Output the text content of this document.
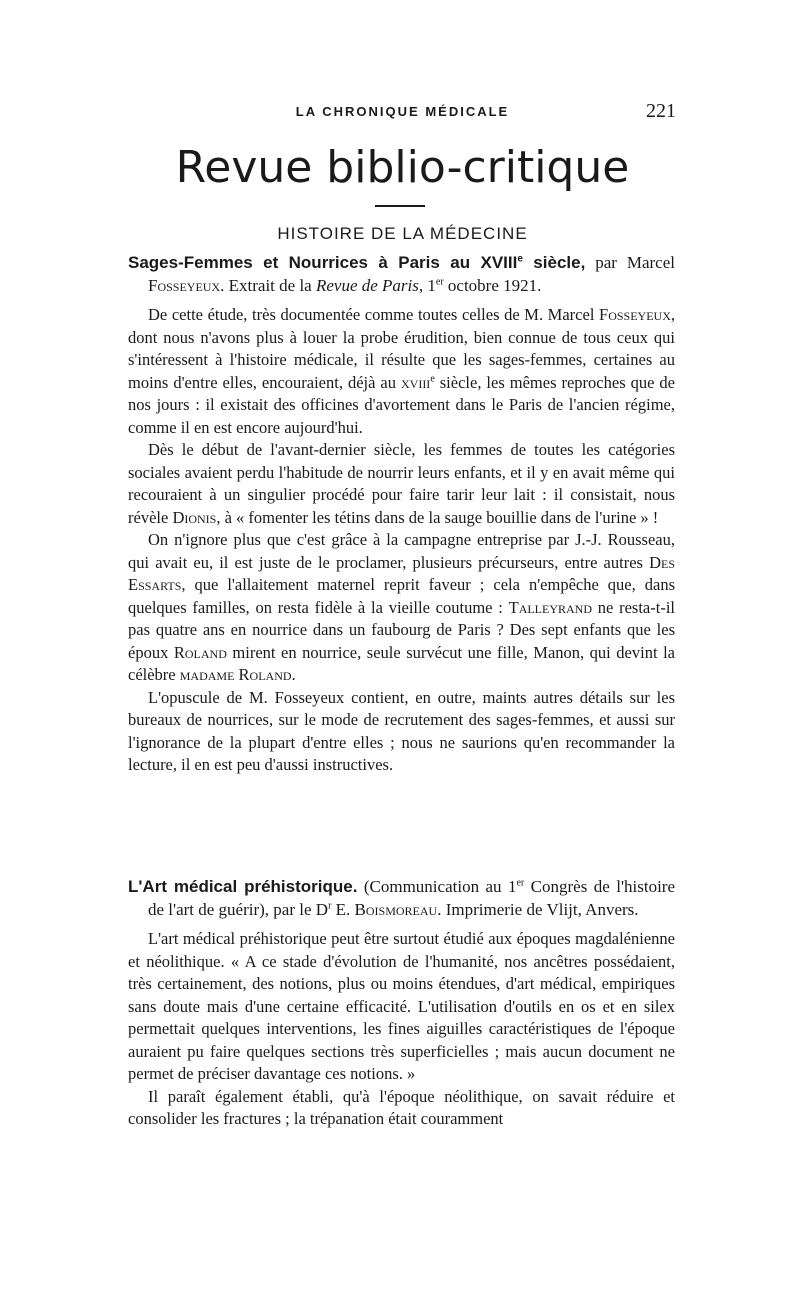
LA CHRONIQUE MÉDICALE	221
Revue biblio-critique
HISTOIRE DE LA MÉDECINE

Sages-Femmes et Nourrices à Paris au XVIIIe siècle, par Marcel Fosseyeux. Extrait de la Revue de Paris, 1er octobre 1921.

De cette étude, très documentée comme toutes celles de M. Marcel Fosseyeux, dont nous n'avons plus à louer la probe érudition, bien connue de tous ceux qui s'intéressent à l'histoire médicale, il résulte que les sages-femmes, certaines au moins d'entre elles, encouraient, déjà au xviii$^e$ siècle, les mêmes reproches que de nos jours : il existait des officines d'avortement dans le Paris de l'ancien régime, comme il en est encore aujourd'hui.

Dès le début de l'avant-dernier siècle, les femmes de toutes les catégories sociales avaient perdu l'habitude de nourrir leurs enfants, et il y en avait même qui recouraient à un singulier procédé pour faire tarir leur lait : il consistait, nous révèle Dionis, à « fomenter les tétins dans de la sauge bouillie dans de l'urine » !

On n'ignore plus que c'est grâce à la campagne entreprise par J.-J. Rousseau, qui avait eu, il est juste de le proclamer, plusieurs précurseurs, entre autres Des Essarts, que l'allaitement maternel reprit faveur ; cela n'empêche que, dans quelques familles, on resta fidèle à la vieille coutume : Talleyrand ne resta-t-il pas quatre ans en nourrice dans un faubourg de Paris ? Des sept enfants que les époux Roland mirent en nourrice, seule survécut une fille, Manon, qui devint la célèbre madame Roland.

L'opuscule de M. Fosseyeux contient, en outre, maints autres détails sur les bureaux de nourrices, sur le mode de recrutement des sages-femmes, et aussi sur l'ignorance de la plupart d'entre elles ; nous ne saurions qu'en recommander la lecture, il en est peu d'aussi instructives.

L'Art médical préhistorique. (Communication au 1er Congrès de l'histoire de l'art de guérir), par le $D^r$ E. Boismoreau. Imprimerie de Vlijt, Anvers.

L'art médical préhistorique peut être surtout étudié aux époques magdalénienne et néolithique. « A ce stade d'évolution de l'humanité, nos ancêtres possédaient, très certainement, des notions, plus ou moins étendues, d'art médical, empiriques sans doute mais d'une certaine efficacité. L'utilisation d'outils en os et en silex permettait quelques interventions, les fines aiguilles caractéristiques de l'époque auraient pu faire quelques sections très superficielles ; mais aucun document ne permet de préciser davantage ces notions. »

Il paraît également établi, qu'à l'époque néolithique, on savait réduire et consolider les fractures ; la trépanation était couramment
